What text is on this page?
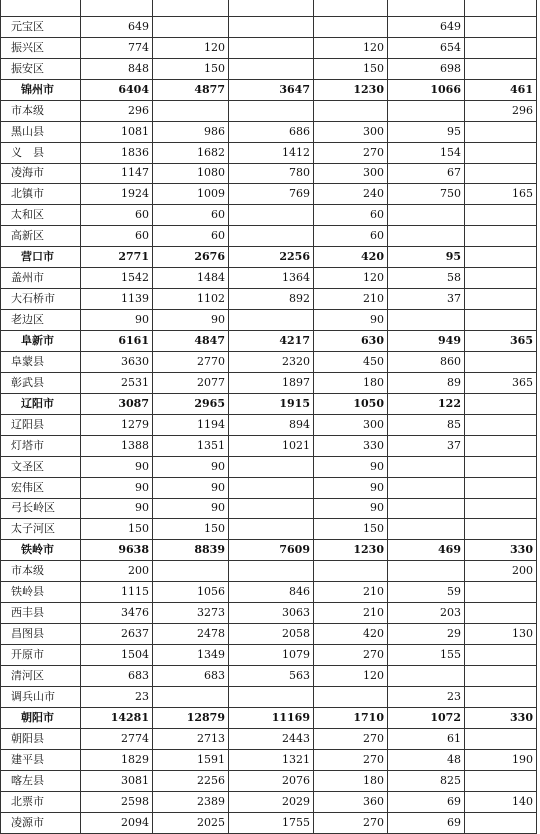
元宝区	649				649	
振兴区	774	120		120	654	
振安区	848	150		150	698	
锦州市	6404	4877	3647	1230	1066	461
市本级	296					296
黑山县	1081	986	686	300	95	
义　县	1836	1682	1412	270	154	
凌海市	1147	1080	780	300	67	
北镇市	1924	1009	769	240	750	165
太和区	60	60		60		
高新区	60	60		60		
营口市	2771	2676	2256	420	95	
盖州市	1542	1484	1364	120	58	
大石桥市	1139	1102	892	210	37	
老边区	90	90		90		
阜新市	6161	4847	4217	630	949	365
阜蒙县	3630	2770	2320	450	860	
彰武县	2531	2077	1897	180	89	365
辽阳市	3087	2965	1915	1050	122	
辽阳县	1279	1194	894	300	85	
灯塔市	1388	1351	1021	330	37	
文圣区	90	90		90		
宏伟区	90	90		90		
弓长岭区	90	90		90		
太子河区	150	150		150		
铁岭市	9638	8839	7609	1230	469	330
市本级	200					200
铁岭县	1115	1056	846	210	59	
西丰县	3476	3273	3063	210	203	
昌图县	2637	2478	2058	420	29	130
开原市	1504	1349	1079	270	155	
清河区	683	683	563	120		
调兵山市	23				23	
朝阳市	14281	12879	11169	1710	1072	330
朝阳县	2774	2713	2443	270	61	
建平县	1829	1591	1321	270	48	190
喀左县	3081	2256	2076	180	825	
北票市	2598	2389	2029	360	69	140
凌源市	2094	2025	1755	270	69	
